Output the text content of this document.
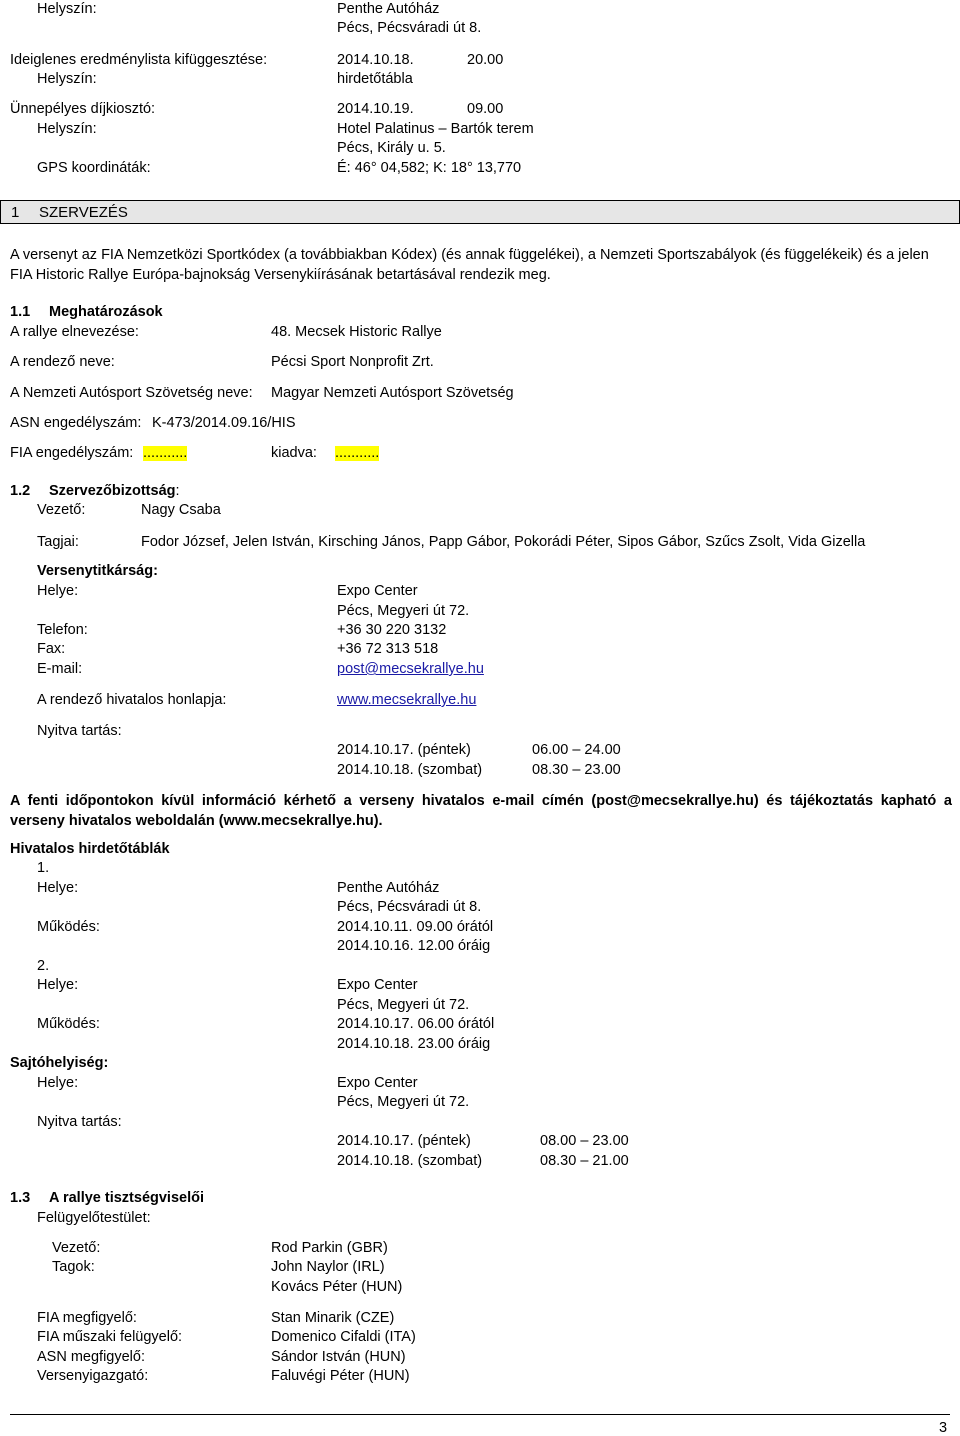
Helyszín:	Penthe Autóház
Pécs, Pécsváradi út 8.
Ideiglenes eredménylista kifüggesztése:	2014.10.18.	20.00
Helyszín:	hirdetőtábla
Ünnepélyes díjkiosztó:	2014.10.19.	09.00
Helyszín:	Hotel Palatinus – Bartók terem
Pécs, Király u. 5.
GPS koordináták:	É: 46° 04,582; K: 18° 13,770
1 SZERVEZÉS
A versenyt az FIA Nemzetközi Sportkódex (a továbbiakban Kódex) (és annak függelékei), a Nemzeti Sportszabályok (és függelékeik) és a jelen FIA Historic Rallye Európa-bajnokság Versenykiírásának betartásával rendezik meg.
1.1 Meghatározások
A rallye elnevezése:	48. Mecsek Historic Rallye
A rendező neve:	Pécsi Sport Nonprofit Zrt.
A Nemzeti Autósport Szövetség neve: Magyar Nemzeti Autósport Szövetség
ASN engedélyszám: K-473/2014.09.16/HIS
FIA engedélyszám: ...........	kiadva: ...........
1.2 Szervezőbizottság:
Vezető:	Nagy Csaba
Tagjai:	Fodor József, Jelen István, Kirsching János, Papp Gábor, Pokorádi Péter, Sipos Gábor, Szűcs Zsolt, Vida Gizella
Versenytitkárság:
Helye:	Expo Center
Pécs, Megyeri út 72.
Telefon:	+36 30 220 3132
Fax:	+36 72 313 518
E-mail:	post@mecsekrallye.hu
A rendező hivatalos honlapja:	www.mecsekrallye.hu
Nyitva tartás:
2014.10.17. (péntek)	06.00 – 24.00
2014.10.18. (szombat)	08.30 – 23.00
A fenti időpontokon kívül információ kérhető a verseny hivatalos e-mail címén (post@mecsekrallye.hu) és tájékoztatás kapható a verseny hivatalos weboldalán (www.mecsekrallye.hu).
Hivatalos hirdetőtáblák
1.
Helye:	Penthe Autóház
Pécs, Pécsváradi út 8.
Működés:	2014.10.11. 09.00 órától
2014.10.16. 12.00 óráig
2.
Helye:	Expo Center
Pécs, Megyeri út 72.
Működés:	2014.10.17. 06.00 órától
2014.10.18. 23.00 óráig
Sajtóhelyiség:
Helye:	Expo Center
Pécs, Megyeri út 72.
Nyitva tartás:
2014.10.17. (péntek)	08.00 – 23.00
2014.10.18. (szombat)	08.30 – 21.00
1.3 A rallye tisztségviselői
Felügyelőtestület:
Vezető:	Rod Parkin (GBR)
Tagok:	John Naylor (IRL)
Kovács Péter (HUN)
FIA megfigyelő:	Stan Minarik (CZE)
FIA műszaki felügyelő:	Domenico Cifaldi (ITA)
ASN megfigyelő:	Sándor István (HUN)
Versenyigazgató:	Faluvégi Péter (HUN)
3
